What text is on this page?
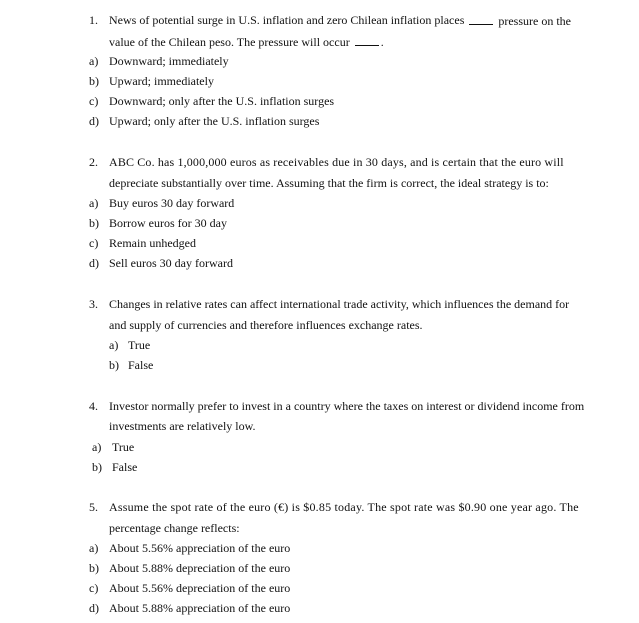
1. News of potential surge in U.S. inflation and zero Chilean inflation places	pressure on the
value of the Chilean peso. The pressure will occur	.
a) Downward; immediately
b) Upward; immediately
c) Downward; only after the U.S. inflation surges
d) Upward; only after the U.S. inflation surges
2. ABC Co. has 1,000,000 euros as receivables due in 30 days, and is certain that the euro will
depreciate substantially over time. Assuming that the firm is correct, the ideal strategy is to:
a) Buy euros 30 day forward
b) Borrow euros for 30 day
c) Remain unhedged
d) Sell euros 30 day forward
3. Changes in relative rates can affect international trade activity, which influences the demand for
and supply of currencies and therefore influences exchange rates.
a) True
b) False
4. Investor normally prefer to invest in a country where the taxes on interest or dividend income from
investments are relatively low.
a) True
b) False
5. Assume the spot rate of the euro (€) is $0.85 today. The spot rate was $0.90 one year ago. The
percentage change reflects:
a) About 5.56% appreciation of the euro
b) About 5.88% depreciation of the euro
c) About 5.56% depreciation of the euro
d) About 5.88% appreciation of the euro
